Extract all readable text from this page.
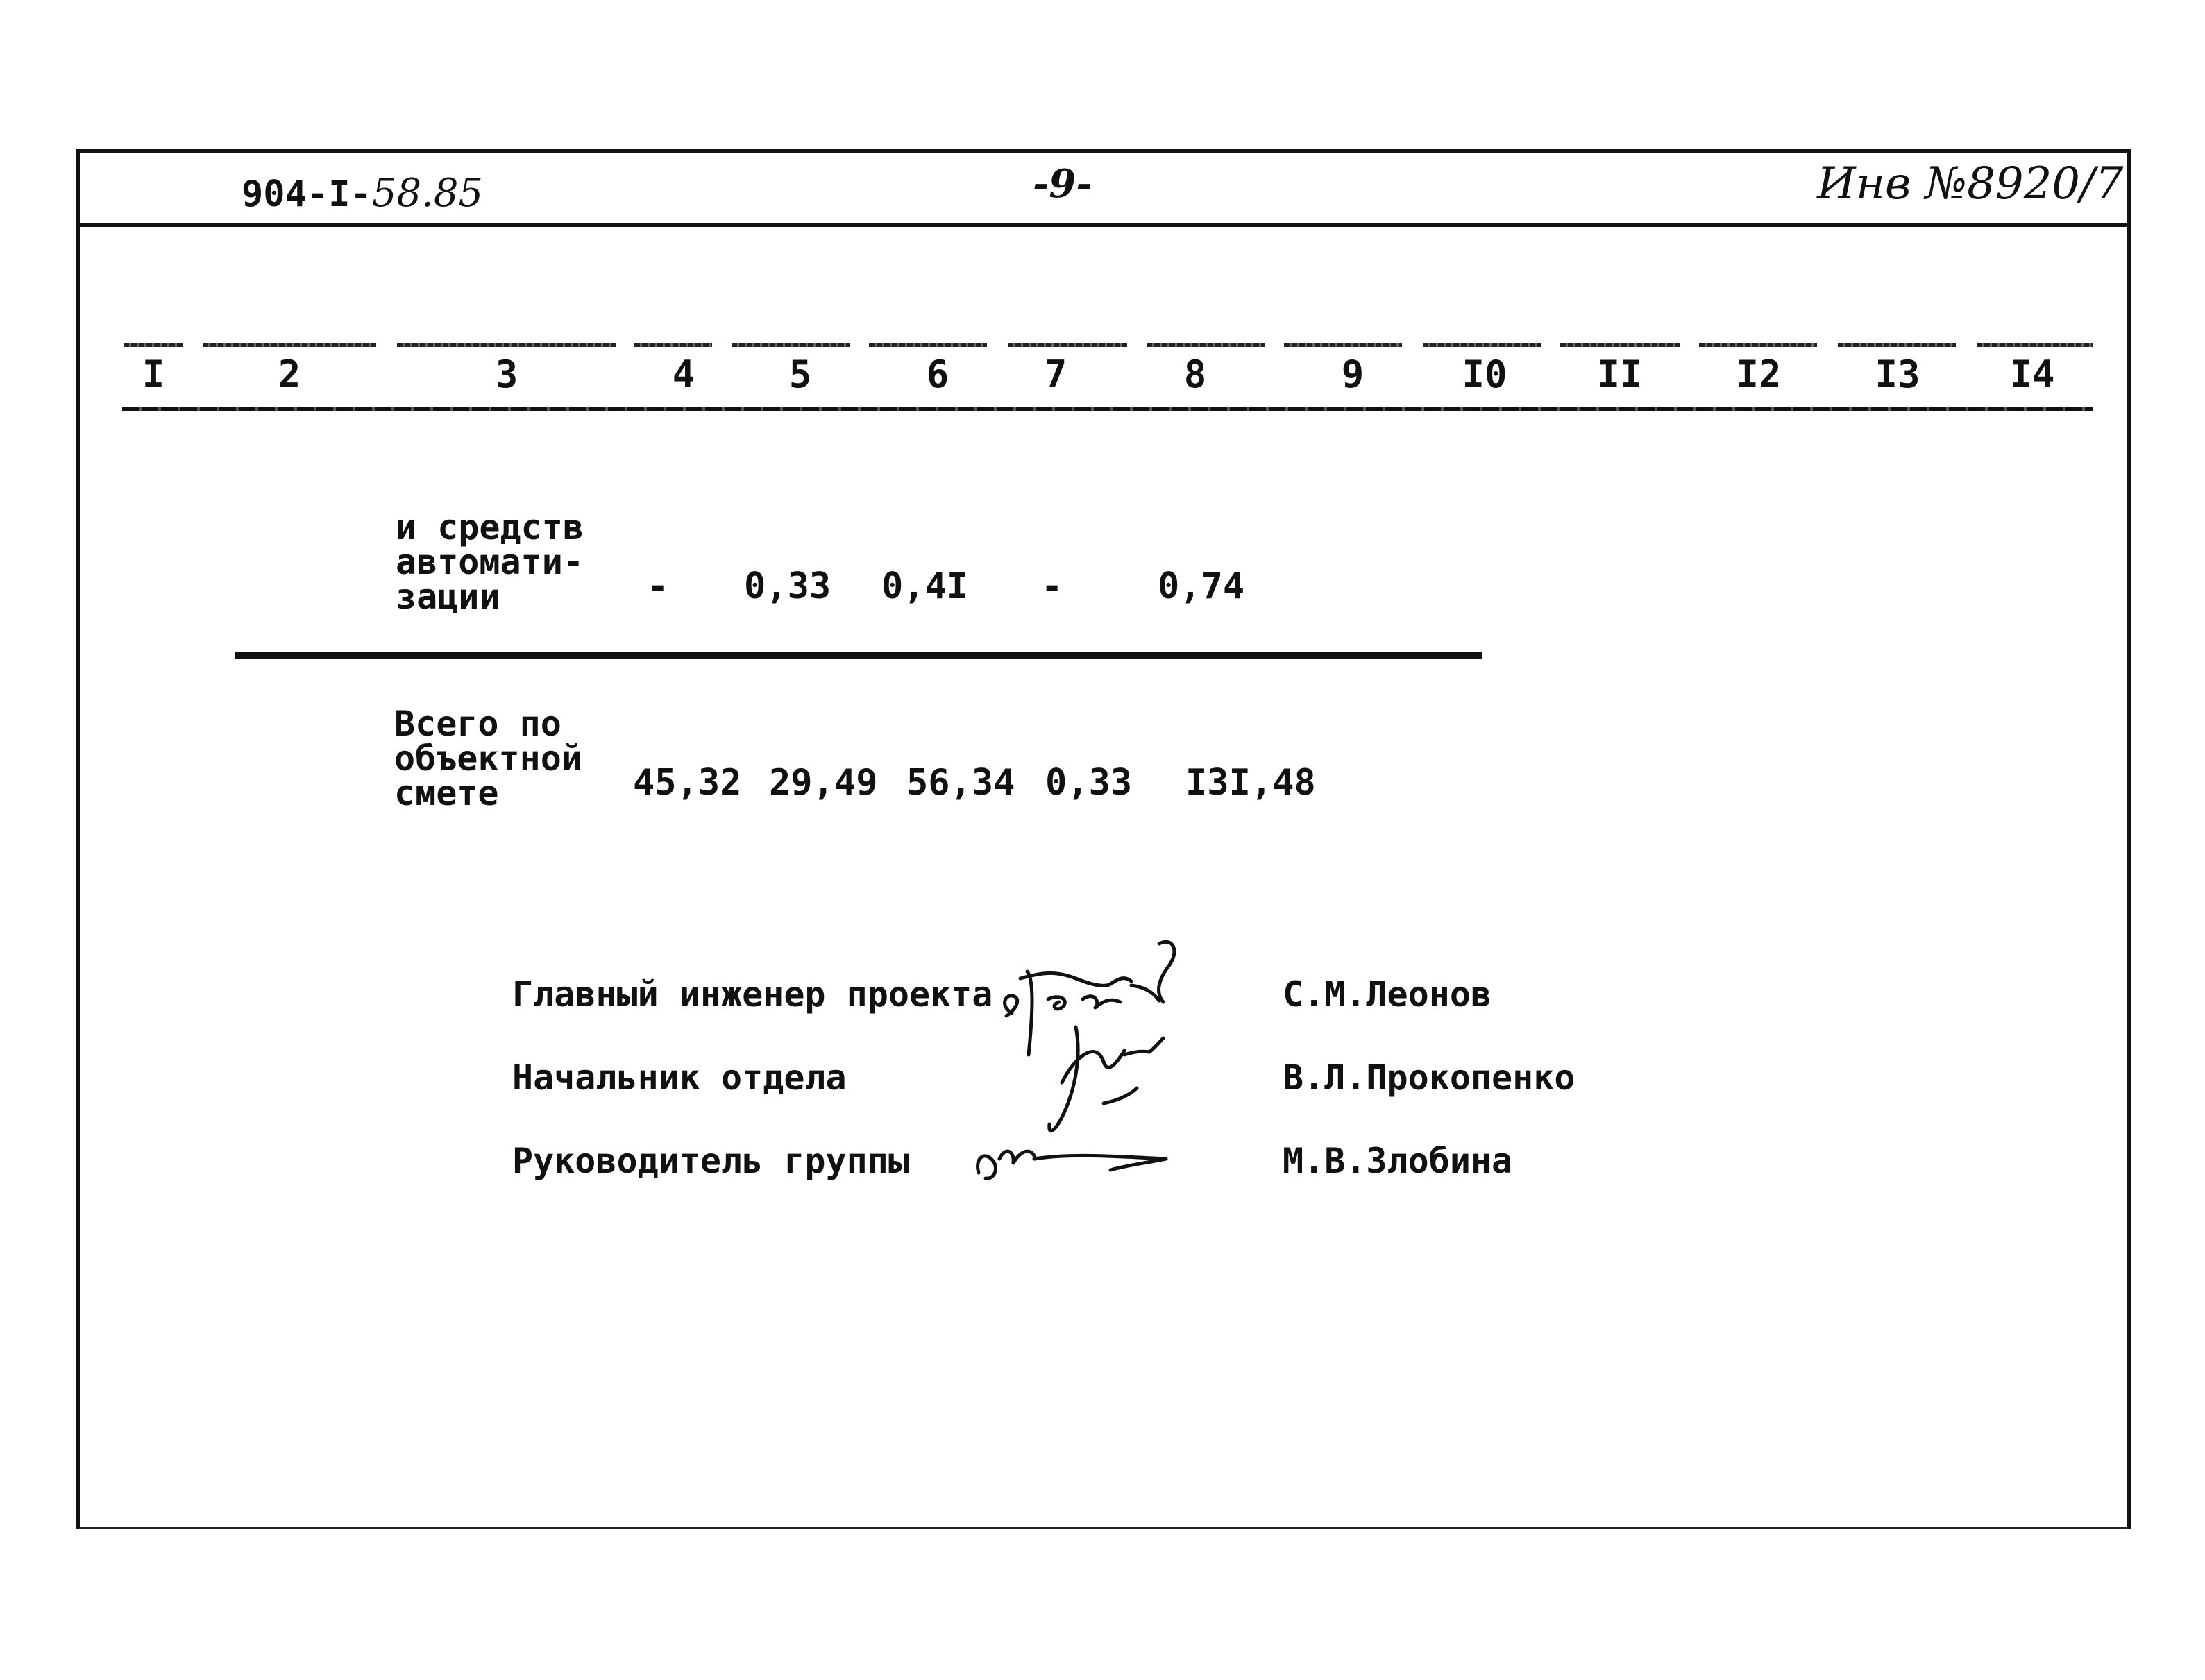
904-I-58.85	-9-	Инв №8920/7
I	2	3	4	5	6	7	8	9	I0	II	I2	I3	I4
и средств
автомати-
зации	- 0,33 0,4I -	0,74
Всего по
объектной
смете	45,32 29,49 56,34 0,33 I3I,48
Главный инженер проекта	С.М.Леонов
Начальник отдела	В.Л.Прокопенко
Руководитель группы	М.В.Злобина
